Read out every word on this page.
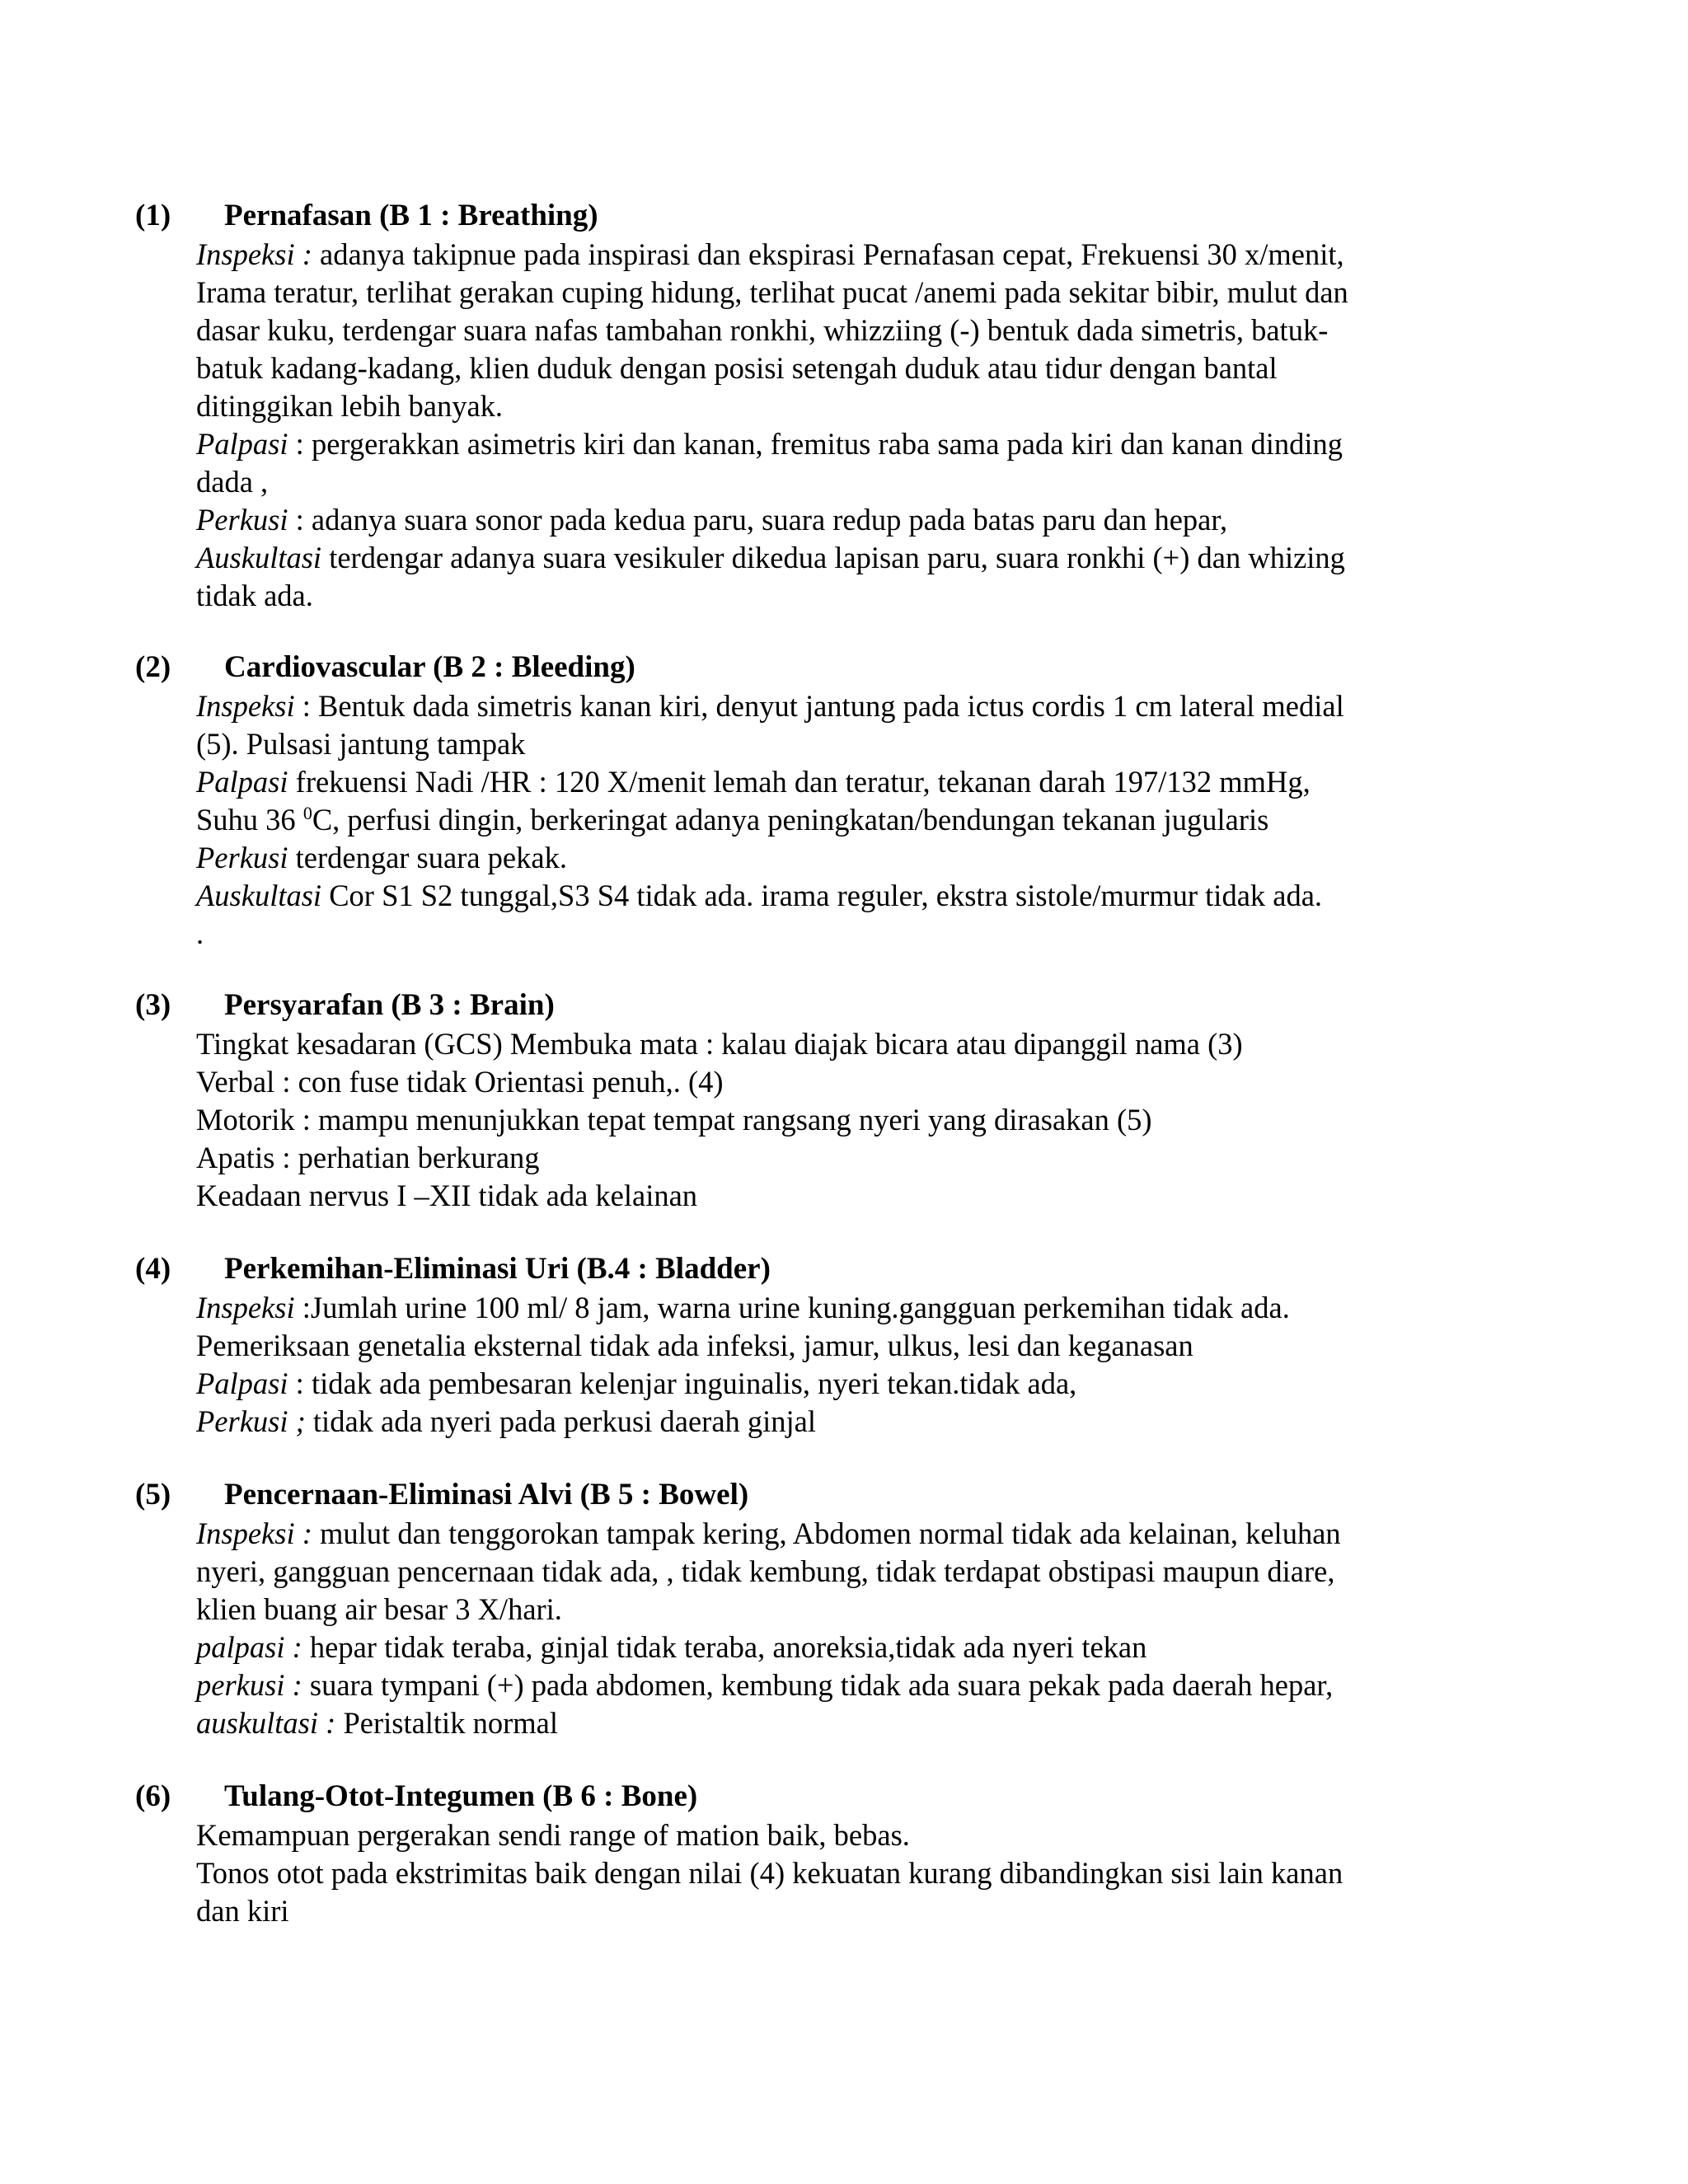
(1) Pernafasan (B 1 : Breathing)
Inspeksi : adanya takipnue pada inspirasi dan ekspirasi Pernafasan cepat, Frekuensi 30 x/menit,
Irama teratur, terlihat gerakan cuping hidung, terlihat pucat /anemi pada sekitar bibir, mulut dan
dasar kuku, terdengar suara nafas tambahan ronkhi, whizziing (-) bentuk dada simetris, batuk-
batuk kadang-kadang, klien duduk dengan posisi setengah duduk atau tidur dengan bantal
ditinggikan lebih banyak.
Palpasi : pergerakkan asimetris kiri dan kanan, fremitus raba sama pada kiri dan kanan dinding
dada ,
Perkusi : adanya suara sonor pada kedua paru, suara redup pada batas paru dan hepar,
Auskultasi terdengar adanya suara vesikuler dikedua lapisan paru, suara ronkhi (+) dan whizing
tidak ada.
(2) Cardiovascular (B 2 : Bleeding)
Inspeksi : Bentuk dada simetris kanan kiri, denyut jantung pada ictus cordis 1 cm lateral medial
(5). Pulsasi jantung tampak
Palpasi frekuensi Nadi /HR : 120 X/menit lemah dan teratur, tekanan darah 197/132 mmHg,
Suhu 36 $^0$C, perfusi dingin, berkeringat adanya peningkatan/bendungan tekanan jugularis
Perkusi terdengar suara pekak.
Auskultasi Cor S1 S2 tunggal,S3 S4 tidak ada. irama reguler, ekstra sistole/murmur tidak ada.
.
(3) Persyarafan (B 3 : Brain)
Tingkat kesadaran (GCS) Membuka mata : kalau diajak bicara atau dipanggil nama (3)
Verbal : con fuse tidak Orientasi penuh,. (4)
Motorik : mampu menunjukkan tepat tempat rangsang nyeri yang dirasakan (5)
Apatis : perhatian berkurang
Keadaan nervus I –XII tidak ada kelainan
(4) Perkemihan-Eliminasi Uri (B.4 : Bladder)
Inspeksi :Jumlah urine 100 ml/ 8 jam, warna urine kuning.gangguan perkemihan tidak ada.
Pemeriksaan genetalia eksternal tidak ada infeksi, jamur, ulkus, lesi dan keganasan
Palpasi : tidak ada pembesaran kelenjar inguinalis, nyeri tekan.tidak ada,
Perkusi ; tidak ada nyeri pada perkusi daerah ginjal
(5) Pencernaan-Eliminasi Alvi (B 5 : Bowel)
Inspeksi : mulut dan tenggorokan tampak kering, Abdomen normal tidak ada kelainan, keluhan
nyeri, gangguan pencernaan tidak ada, , tidak kembung, tidak terdapat obstipasi maupun diare,
klien buang air besar 3 X/hari.
palpasi : hepar tidak teraba, ginjal tidak teraba, anoreksia,tidak ada nyeri tekan
perkusi : suara tympani (+) pada abdomen, kembung tidak ada suara pekak pada daerah hepar,
auskultasi : Peristaltik normal
(6) Tulang-Otot-Integumen (B 6 : Bone)
Kemampuan pergerakan sendi range of mation baik, bebas.
Tonos otot pada ekstrimitas baik dengan nilai (4) kekuatan kurang dibandingkan sisi lain kanan
dan kiri
